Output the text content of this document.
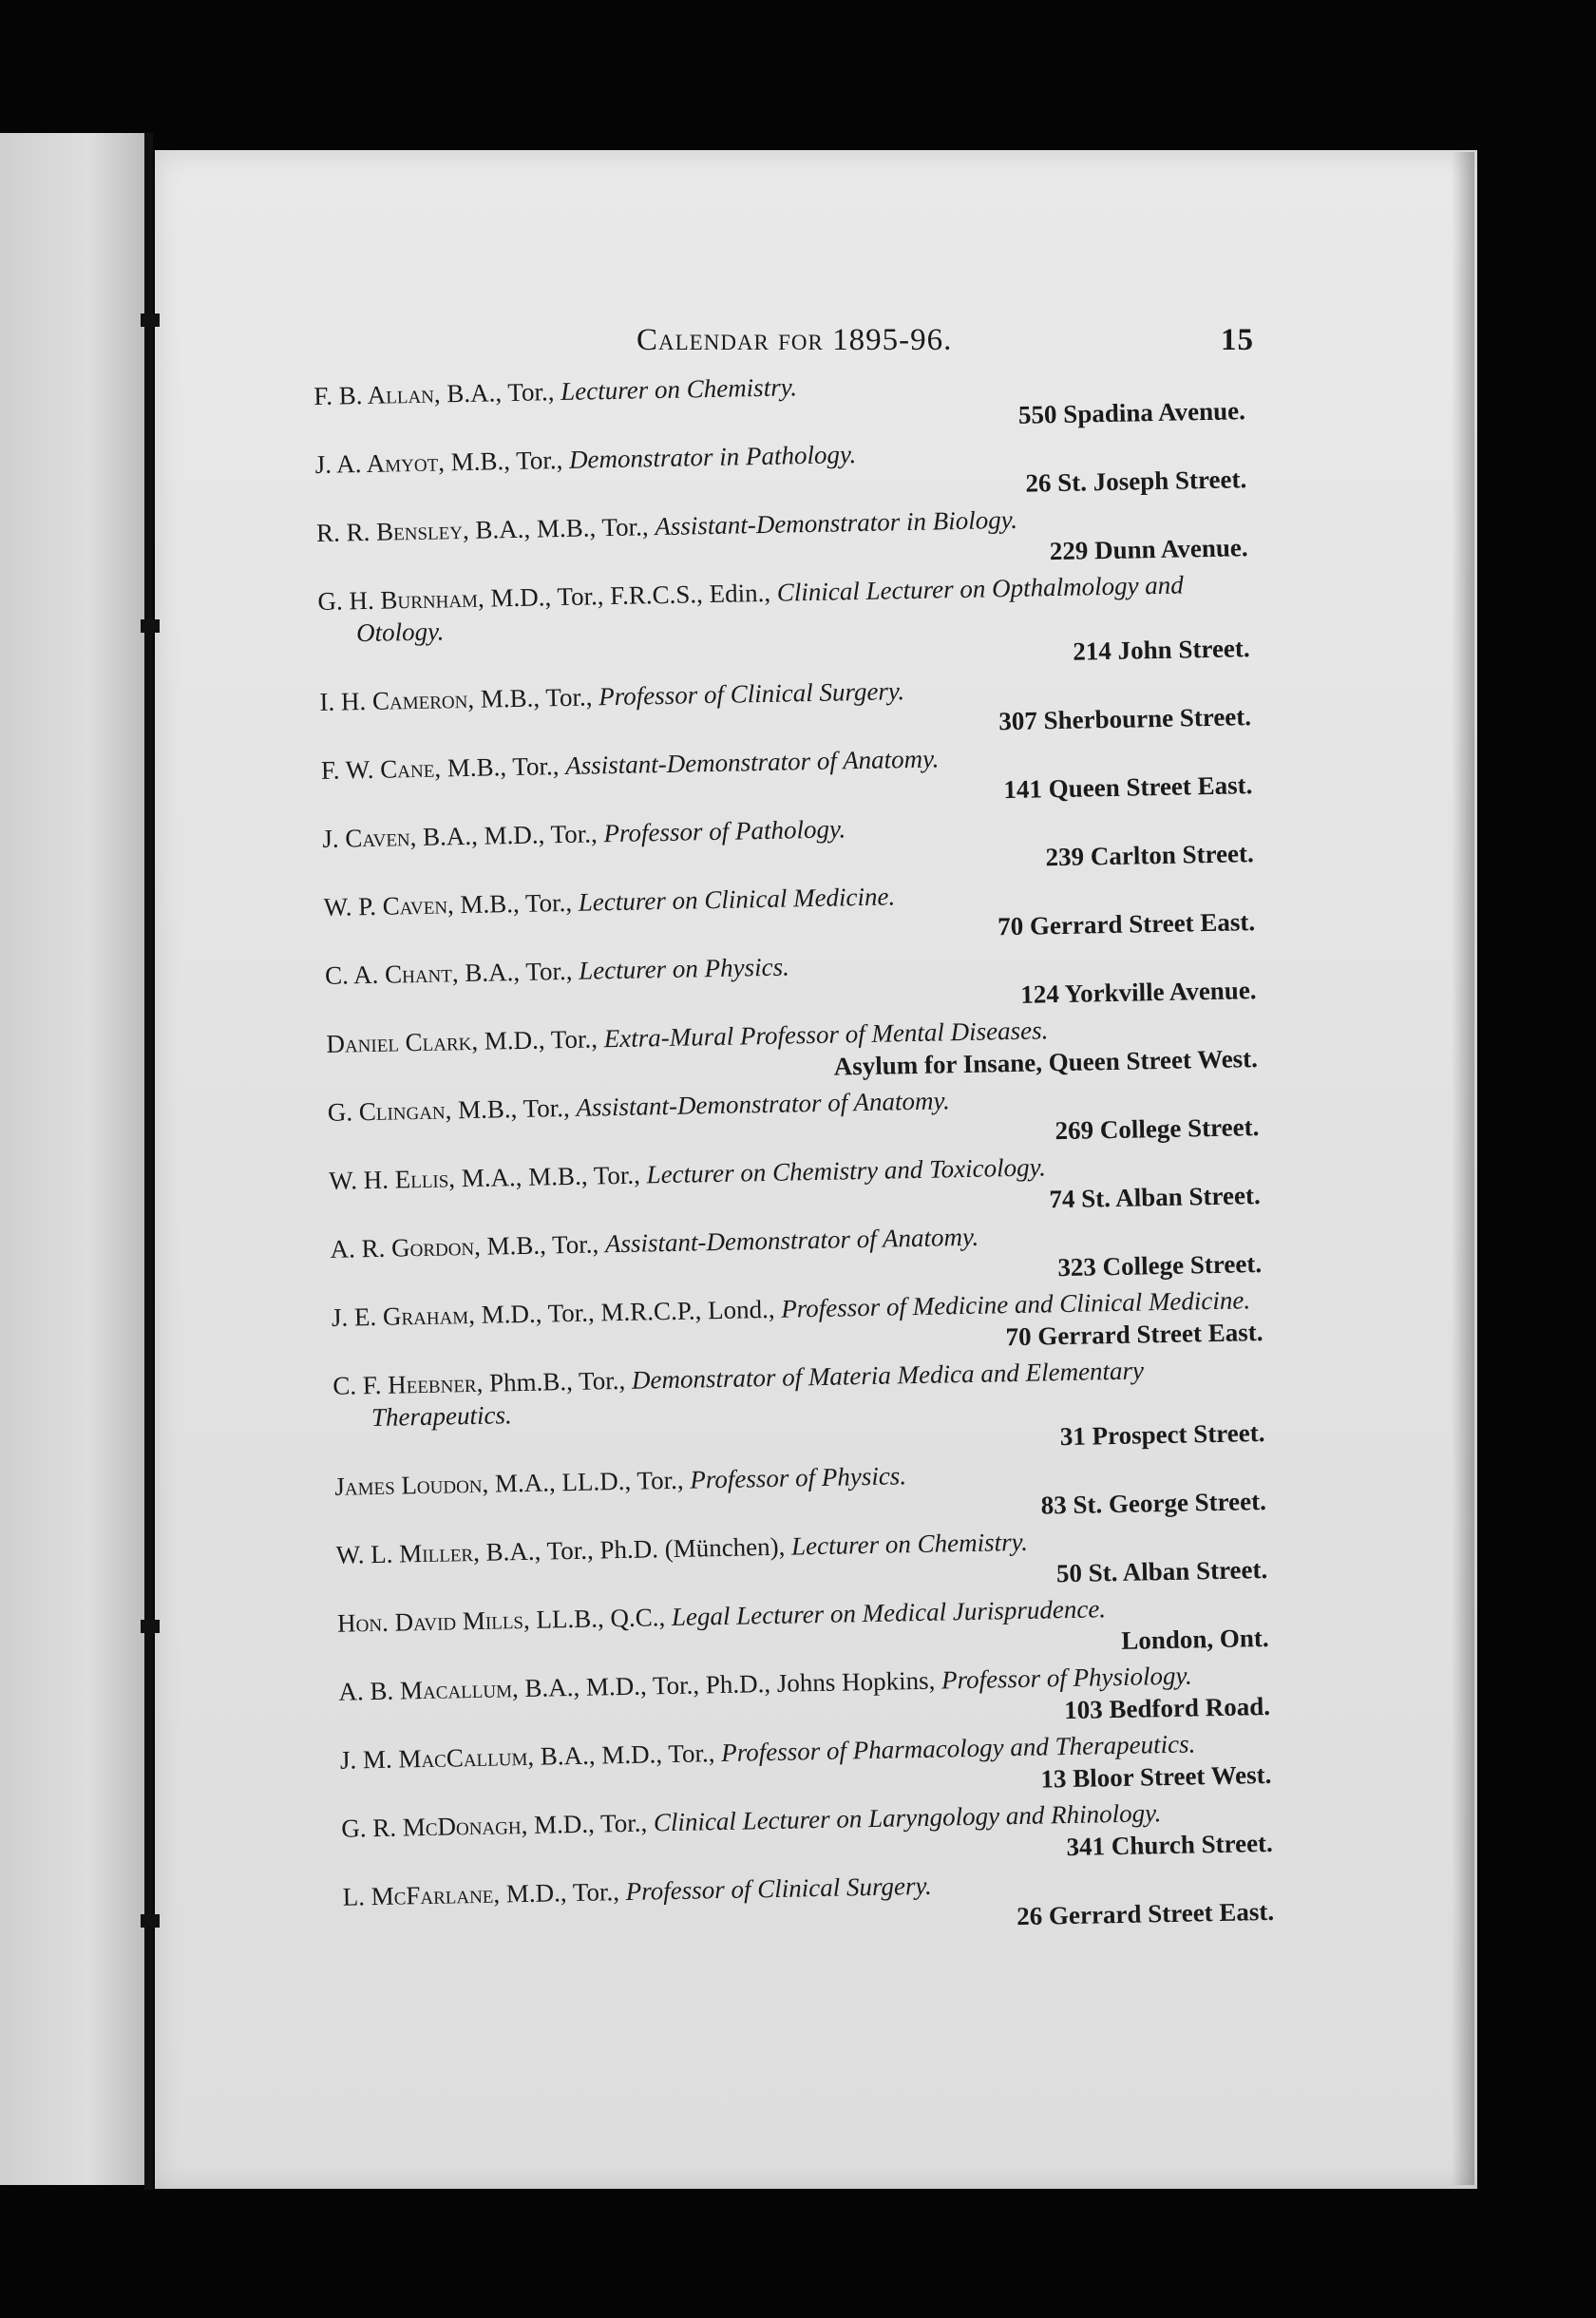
Calendar for 1895-96.	15
F. B. Allan, B.A., Tor., Lecturer on Chemistry.
550 Spadina Avenue.
J. A. Amyot, M.B., Tor., Demonstrator in Pathology.
26 St. Joseph Street.
R. R. Bensley, B.A., M.B., Tor., Assistant-Demonstrator in Biology.
229 Dunn Avenue.
G. H. Burnham, M.D., Tor., F.R.C.S., Edin., Clinical Lecturer on Opthalmology and Otology.
214 John Street.
I. H. Cameron, M.B., Tor., Professor of Clinical Surgery.
307 Sherbourne Street.
F. W. Cane, M.B., Tor., Assistant-Demonstrator of Anatomy.
141 Queen Street East.
J. Caven, B.A., M.D., Tor., Professor of Pathology.
239 Carlton Street.
W. P. Caven, M.B., Tor., Lecturer on Clinical Medicine.
70 Gerrard Street East.
C. A. Chant, B.A., Tor., Lecturer on Physics.
124 Yorkville Avenue.
Daniel Clark, M.D., Tor., Extra-Mural Professor of Mental Diseases.
Asylum for Insane, Queen Street West.
G. Clingan, M.B., Tor., Assistant-Demonstrator of Anatomy.
269 College Street.
W. H. Ellis, M.A., M.B., Tor., Lecturer on Chemistry and Toxicology.
74 St. Alban Street.
A. R. Gordon, M.B., Tor., Assistant-Demonstrator of Anatomy.
323 College Street.
J. E. Graham, M.D., Tor., M.R.C.P., Lond., Professor of Medicine and Clinical Medicine.
70 Gerrard Street East.
C. F. Heebner, Phm.B., Tor., Demonstrator of Materia Medica and Elementary Therapeutics.
31 Prospect Street.
James Loudon, M.A., LL.D., Tor., Professor of Physics.
83 St. George Street.
W. L. Miller, B.A., Tor., Ph.D. (München), Lecturer on Chemistry.
50 St. Alban Street.
Hon. David Mills, LL.B., Q.C., Legal Lecturer on Medical Jurisprudence.
London, Ont.
A. B. Macallum, B.A., M.D., Tor., Ph.D., Johns Hopkins, Professor of Physiology.
103 Bedford Road.
J. M. MacCallum, B.A., M.D., Tor., Professor of Pharmacology and Therapeutics.
13 Bloor Street West.
G. R. McDonagh, M.D., Tor., Clinical Lecturer on Laryngology and Rhinology.
341 Church Street.
L. McFarlane, M.D., Tor., Professor of Clinical Surgery.
26 Gerrard Street East.
